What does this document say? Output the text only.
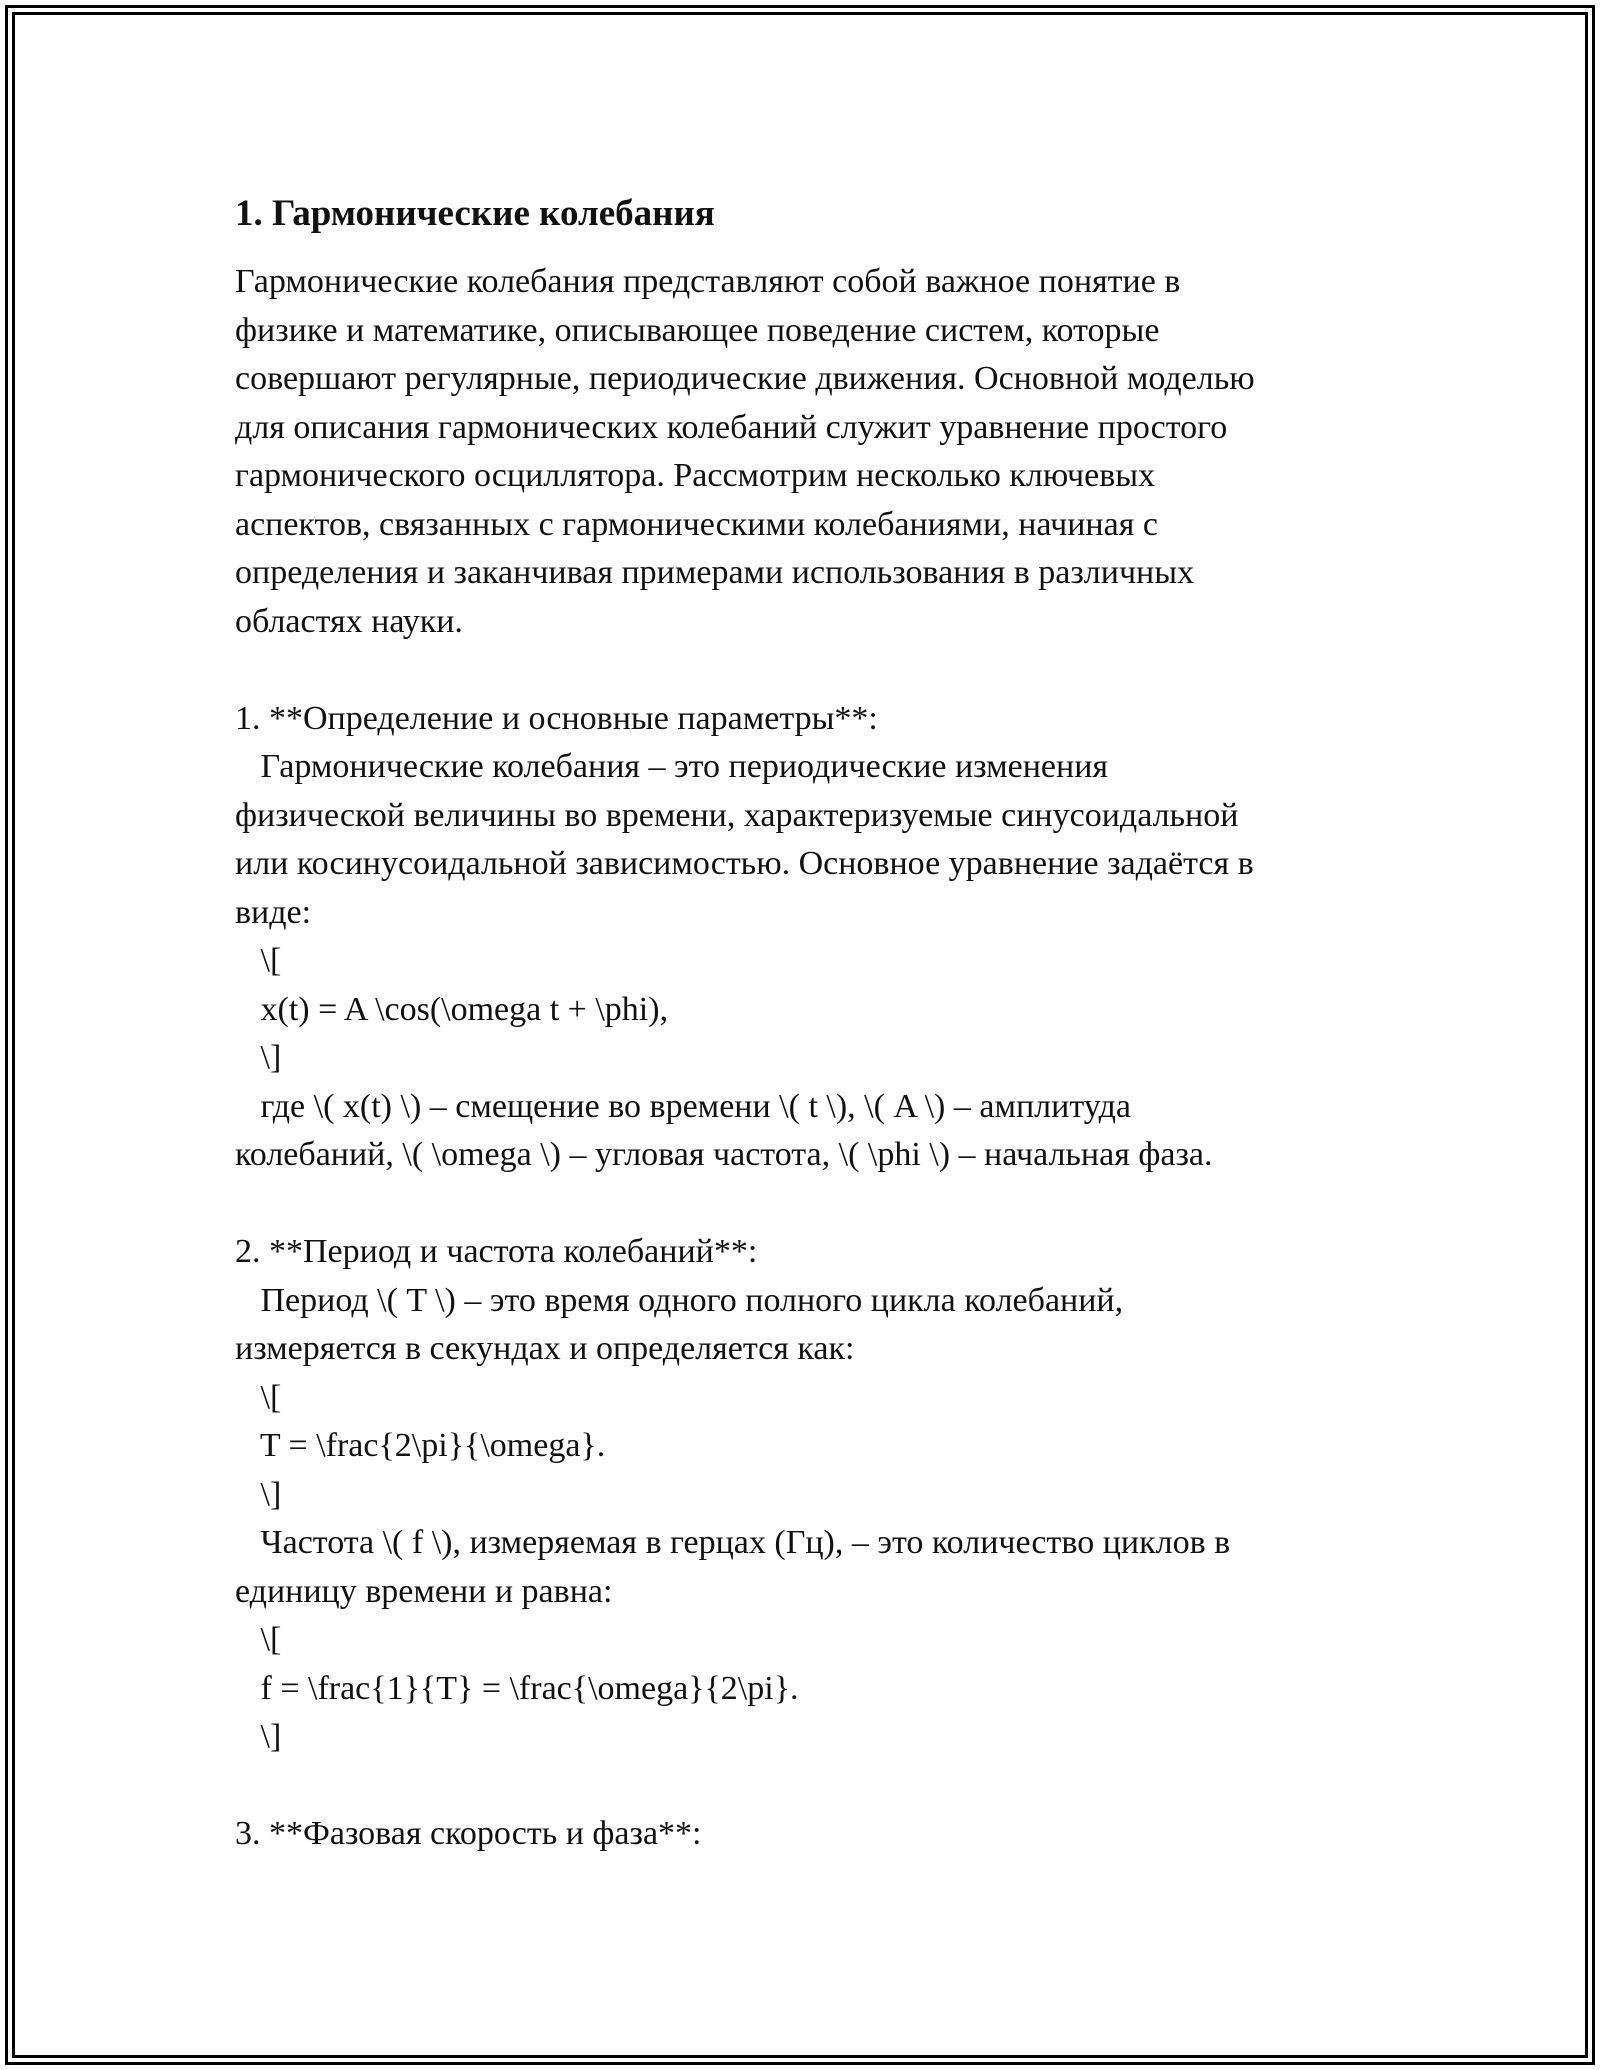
1. Гармонические колебания
Гармонические колебания представляют собой важное понятие в
физике и математике, описывающее поведение систем, которые
совершают регулярные, периодические движения. Основной моделью
для описания гармонических колебаний служит уравнение простого
гармонического осциллятора. Рассмотрим несколько ключевых
аспектов, связанных с гармоническими колебаниями, начиная с
определения и заканчивая примерами использования в различных
областях науки.
1. **Определение и основные параметры**:
Гармонические колебания – это периодические изменения
физической величины во времени, характеризуемые синусоидальной
или косинусоидальной зависимостью. Основное уравнение задаётся в
виде:
\[
x(t) = A \cos(\omega t + \phi),
\]
где \( x(t) \) – смещение во времени \( t \), \( A \) – амплитуда
колебаний, \( \omega \) – угловая частота, \( \phi \) – начальная фаза.
2. **Период и частота колебаний**:
Период \( T \) – это время одного полного цикла колебаний,
измеряется в секундах и определяется как:
\[
T = \frac{2\pi}{\omega}.
\]
Частота \( f \), измеряемая в герцах (Гц), – это количество циклов в
единицу времени и равна:
\[
f = \frac{1}{T} = \frac{\omega}{2\pi}.
\]
3. **Фазовая скорость и фаза**:
